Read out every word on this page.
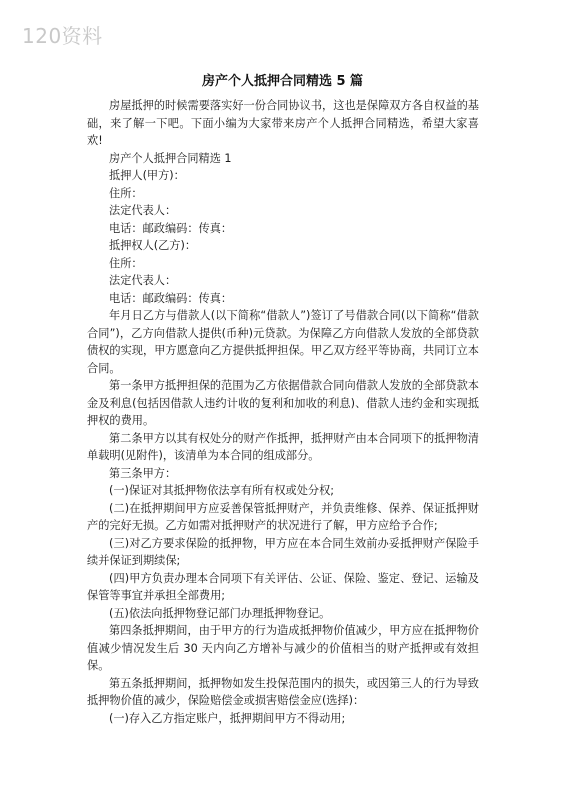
120资料
房产个人抵押合同精选 5 篇

房屋抵押的时候需要落实好一份合同协议书，这也是保障双方各自权益的基础，来了解一下吧。下面小编为大家带来房产个人抵押合同精选，希望大家喜欢!

房产个人抵押合同精选 1

抵押人(甲方)：

住所：

法定代表人：

电话：邮政编码：传真：

抵押权人(乙方)：

住所：

法定代表人：

电话：邮政编码：传真：

年月日乙方与借款人(以下简称“借款人”)签订了号借款合同(以下简称“借款合同”)，乙方向借款人提供(币种)元贷款。为保障乙方向借款人发放的全部贷款债权的实现，甲方愿意向乙方提供抵押担保。甲乙双方经平等协商，共同订立本合同。

第一条甲方抵押担保的范围为乙方依据借款合同向借款人发放的全部贷款本金及利息(包括因借款人违约计收的复利和加收的利息)、借款人违约金和实现抵押权的费用。

第二条甲方以其有权处分的财产作抵押，抵押财产由本合同项下的抵押物清单载明(见附件)，该清单为本合同的组成部分。

第三条甲方：

(一)保证对其抵押物依法享有所有权或处分权;

(二)在抵押期间甲方应妥善保管抵押财产，并负责维修、保养、保证抵押财产的完好无损。乙方如需对抵押财产的状况进行了解，甲方应给予合作;

(三)对乙方要求保险的抵押物，甲方应在本合同生效前办妥抵押财产保险手续并保证到期续保;

(四)甲方负责办理本合同项下有关评估、公证、保险、鉴定、登记、运输及保管等事宜并承担全部费用;

(五)依法向抵押物登记部门办理抵押物登记。

第四条抵押期间，由于甲方的行为造成抵押物价值减少，甲方应在抵押物价值减少情况发生后 30 天内向乙方增补与减少的价值相当的财产抵押或有效担保。

第五条抵押期间，抵押物如发生投保范围内的损失，或因第三人的行为导致抵押物价值的减少，保险赔偿金或损害赔偿金应(选择)：

(一)存入乙方指定账户，抵押期间甲方不得动用;
